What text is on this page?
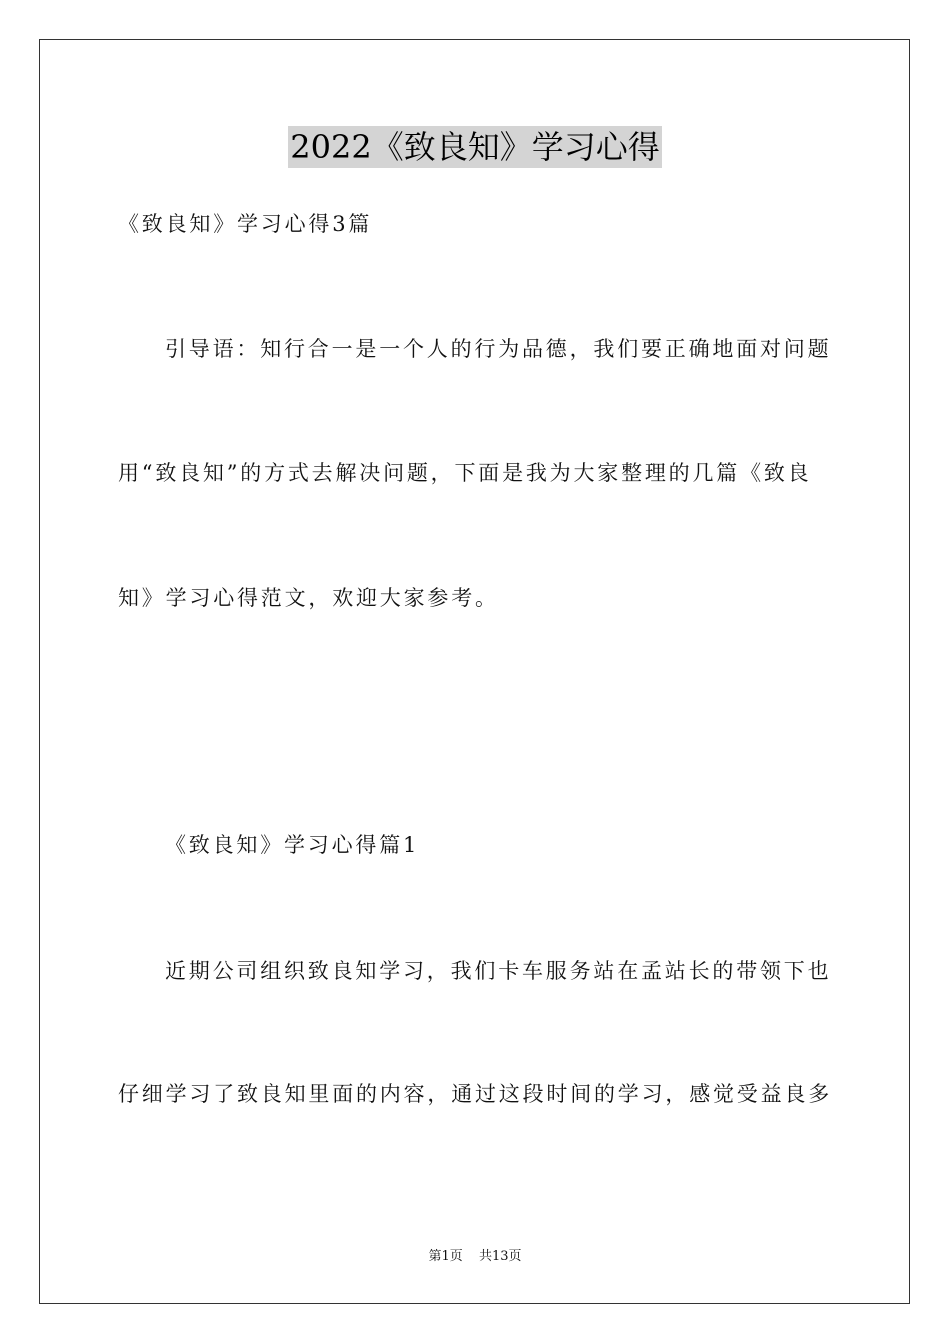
2022《致良知》学习心得
《致良知》学习心得3篇
引导语：知行合一是一个人的行为品德，我们要正确地面对问题
用“致良知”的方式去解决问题，下面是我为大家整理的几篇《致良
知》学习心得范文，欢迎大家参考。
《致良知》学习心得篇1
近期公司组织致良知学习，我们卡车服务站在孟站长的带领下也
仔细学习了致良知里面的内容，通过这段时间的学习，感觉受益良多
第1页 共13页
